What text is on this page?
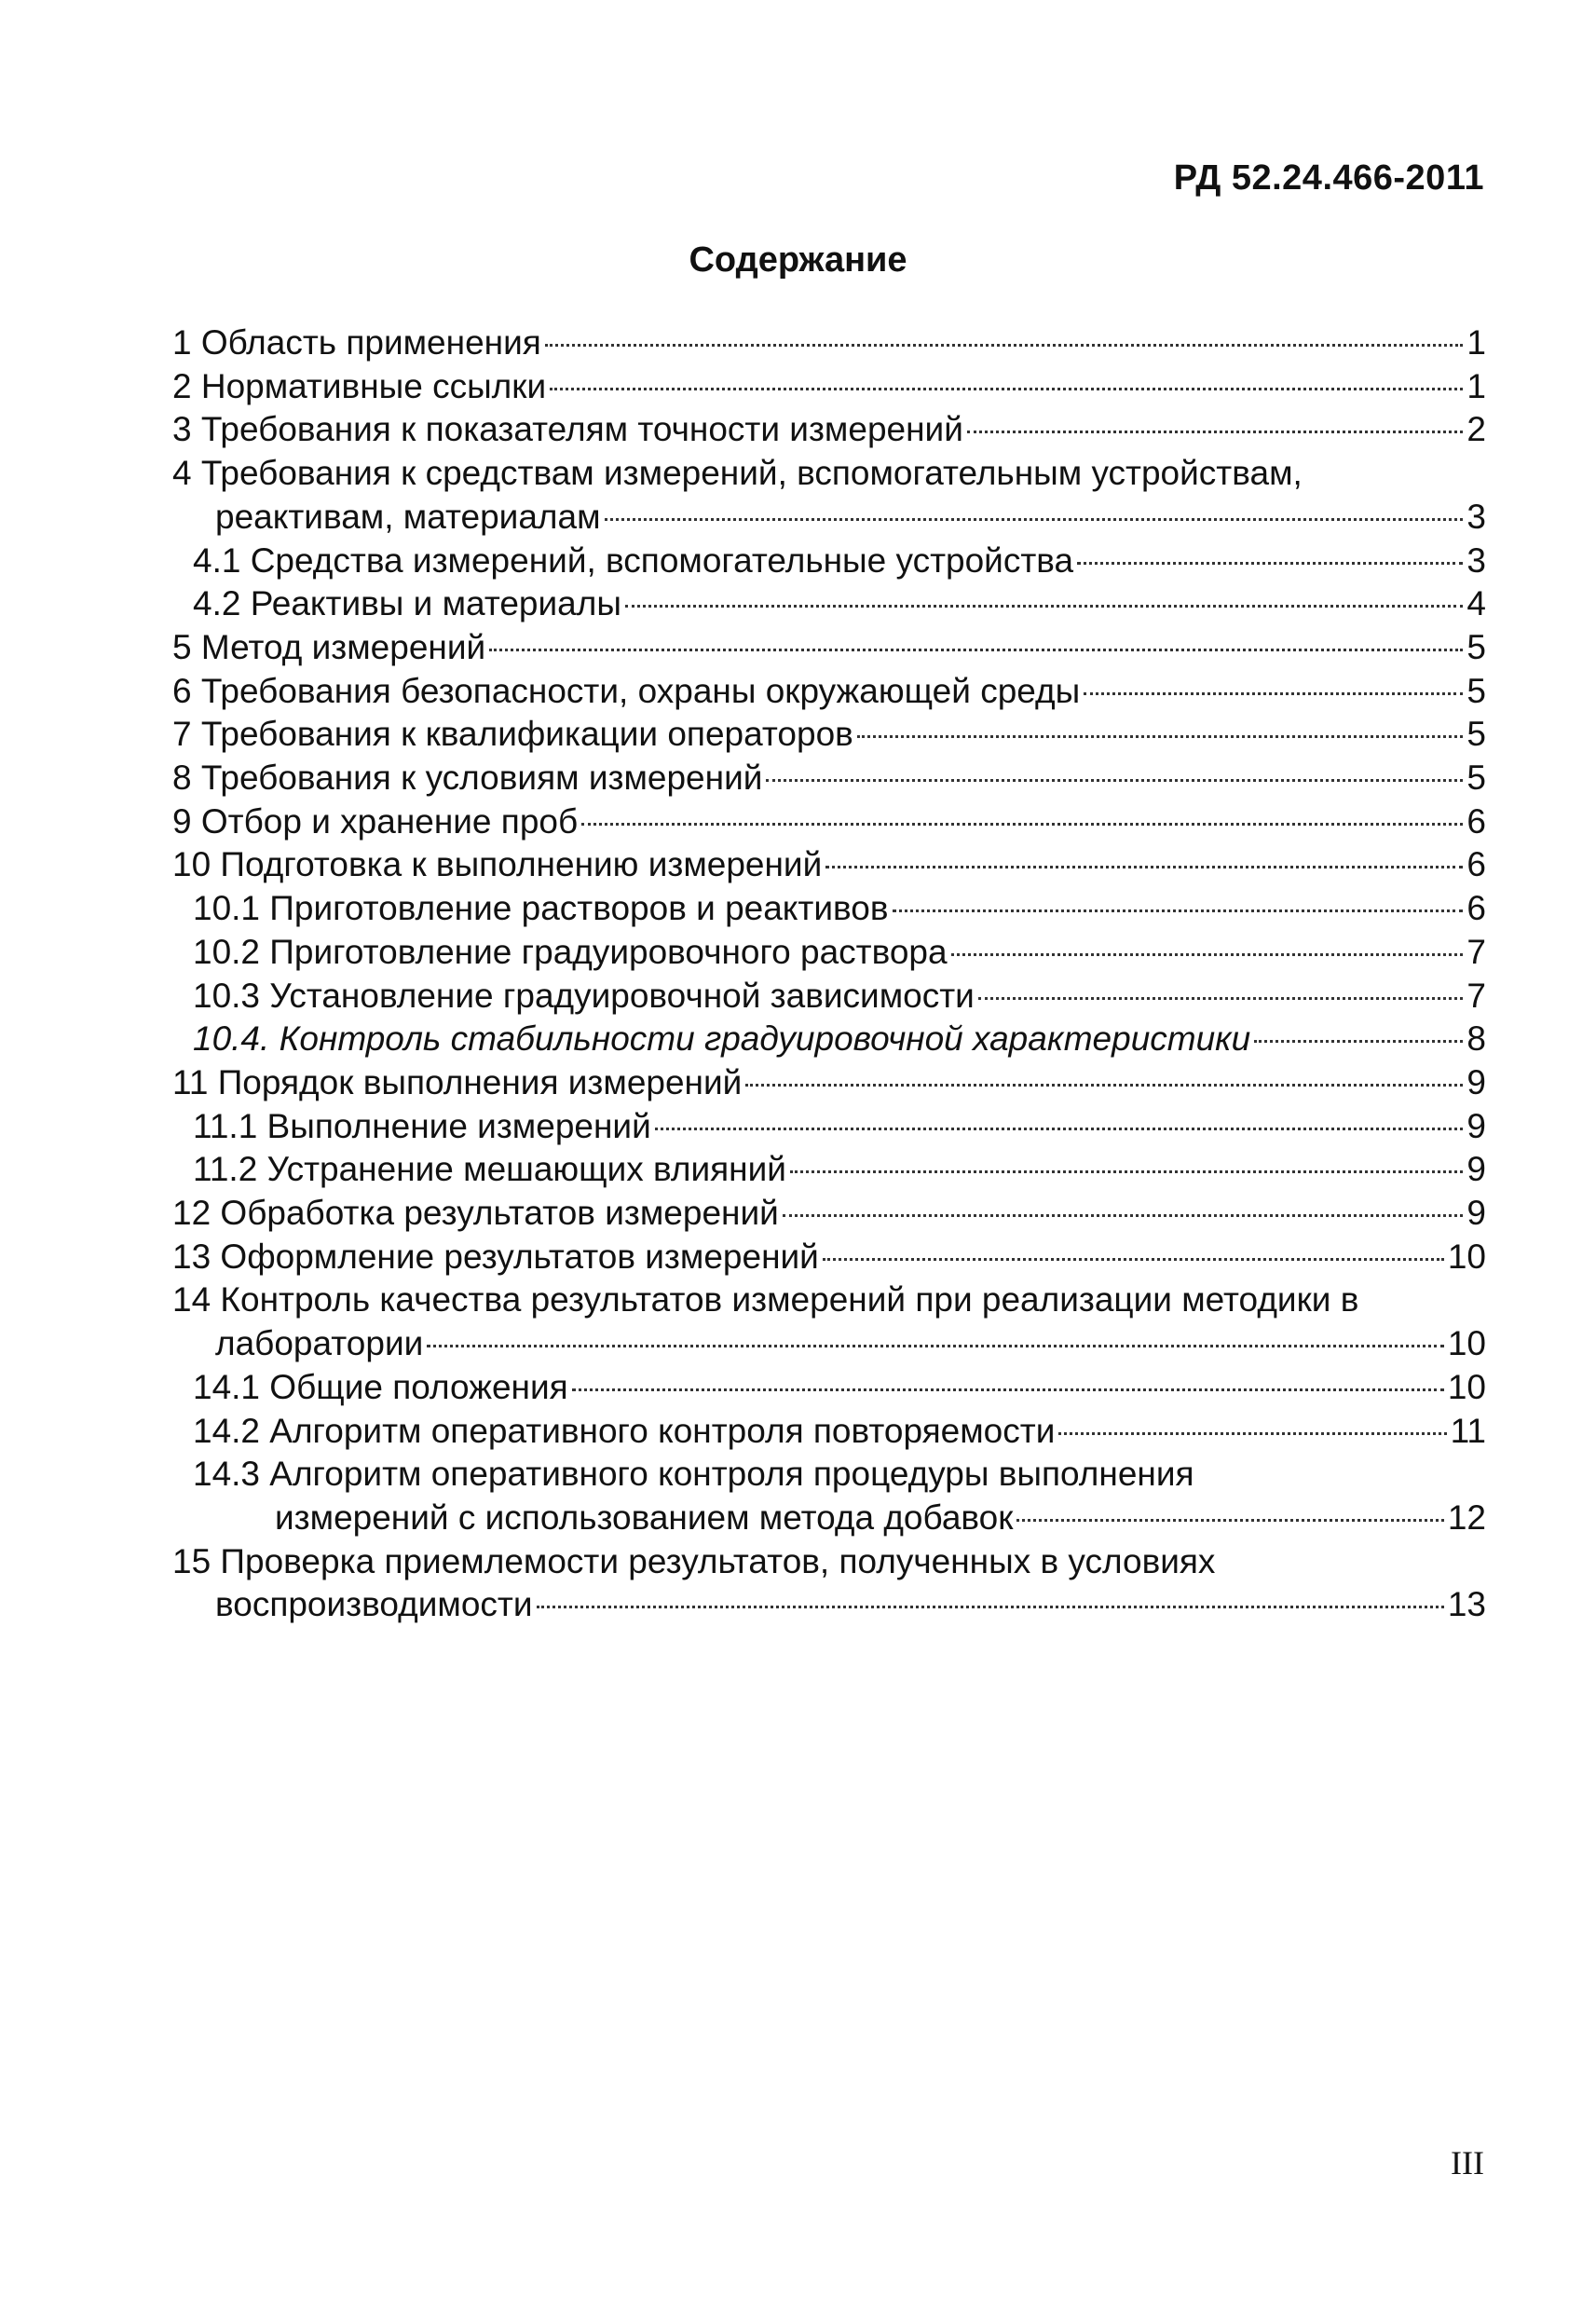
РД 52.24.466-2011
Содержание
1 Область применения	1
2 Нормативные ссылки	1
3 Требования к показателям точности измерений	2
4 Требования к средствам измерений, вспомогательным устройствам,
реактивам, материалам	3
4.1 Средства измерений, вспомогательные устройства	3
4.2 Реактивы и материалы	4
5 Метод измерений	5
6 Требования безопасности, охраны окружающей среды	5
7 Требования к квалификации операторов	5
8 Требования к условиям измерений	5
9 Отбор и хранение проб	6
10 Подготовка к выполнению измерений	6
10.1 Приготовление растворов и реактивов	6
10.2 Приготовление градуировочного раствора	7
10.3 Установление градуировочной зависимости	7
10.4. Контроль стабильности градуировочной характеристики	8
11 Порядок выполнения измерений	9
11.1 Выполнение измерений	9
11.2 Устранение мешающих влияний	9
12 Обработка результатов измерений	9
13 Оформление результатов измерений	10
14 Контроль качества результатов измерений при реализации методики в
лаборатории	10
14.1 Общие положения	10
14.2 Алгоритм оперативного контроля повторяемости	11
14.3 Алгоритм оперативного контроля процедуры выполнения
измерений с использованием метода добавок	12
15 Проверка приемлемости результатов, полученных в условиях
воспроизводимости	13
III
